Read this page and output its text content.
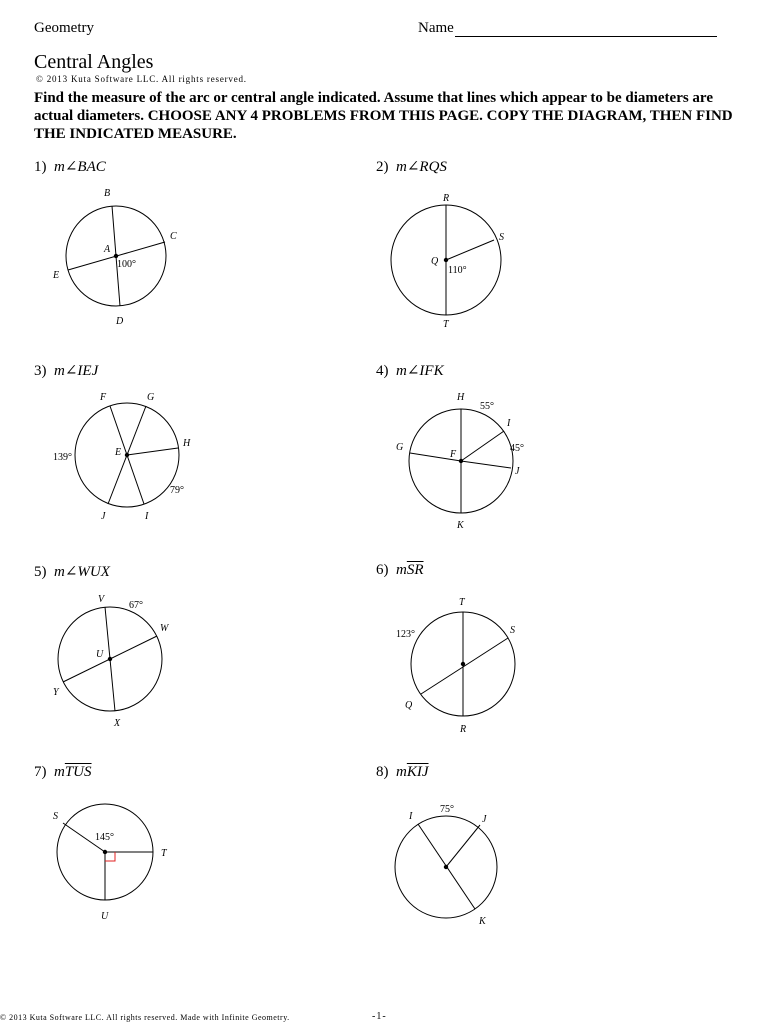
Geometry	Name
Central Angles
© 2013 Kuta Software LLC. All rights reserved.
Find the measure of the arc or central angle indicated. Assume that lines which appear to be diameters are actual diameters. CHOOSE ANY 4 PROBLEMS FROM THIS PAGE. COPY THE DIAGRAM, THEN FIND THE INDICATED MEASURE.
1) m∠BAC
B
C
A
E
D
100°
2) m∠RQS
R
S
Q
T
110°
3) m∠IEJ
F	G
H
E
J	I
139°
79°
4) m∠IFK
H
I
G
F
J
K
55°
45°
5) m∠WUX
V
W
U
Y
X
67°
6) $m\overline{SR}$
T
S
Q
R
123°
7) $m\overline{TUS}$
S
T
U
145°
8) $m\overline{KIJ}$
I	J
K
75°
© 2013 Kuta Software LLC. All rights reserved. Made with Infinite Geometry.	-1-
